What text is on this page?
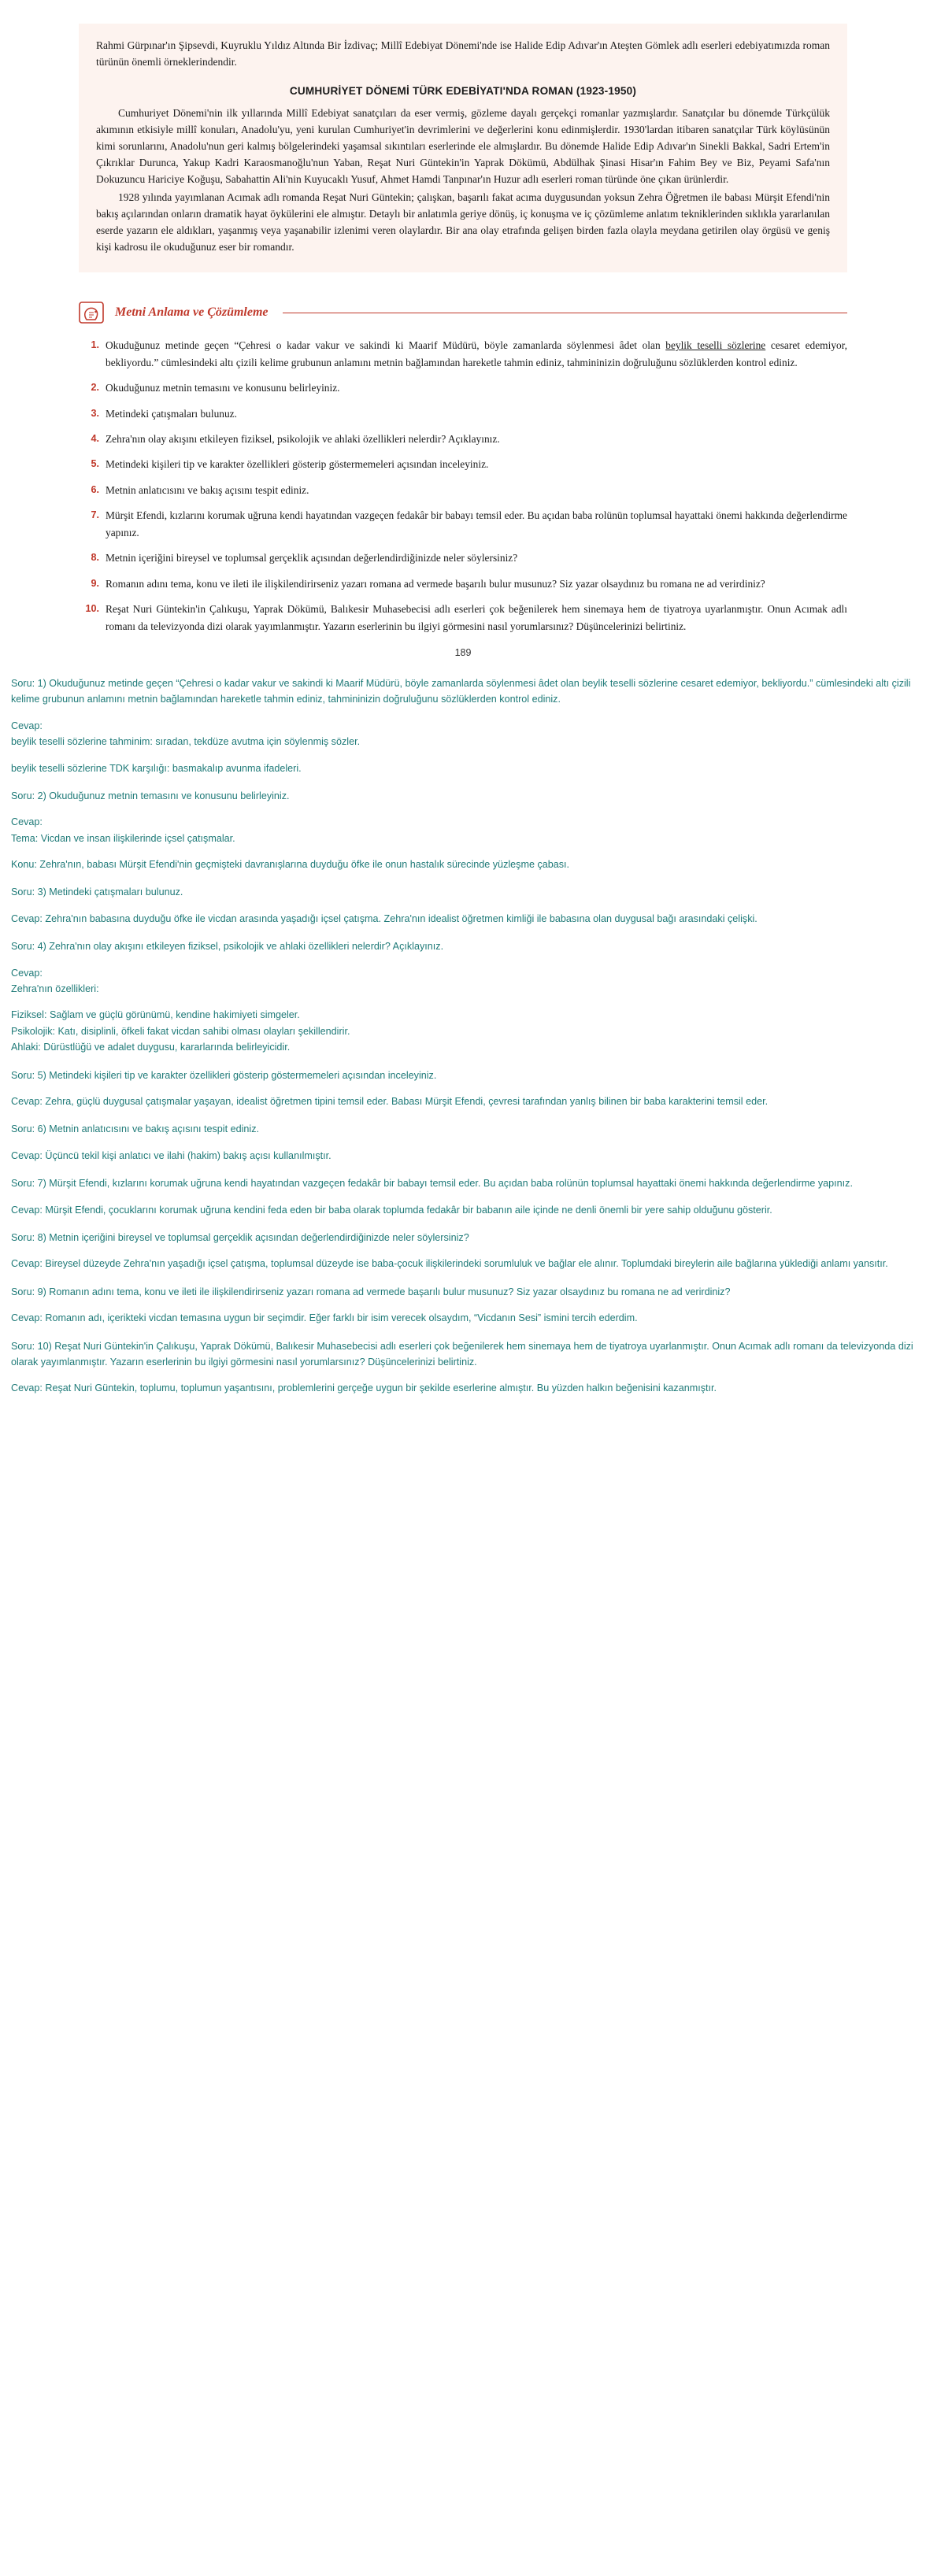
Rahmi Gürpınar'ın Şipsevdi, Kuyruklu Yıldız Altında Bir İzdivaç; Millî Edebiyat Dönemi'nde ise Halide Edip Adıvar'ın Ateşten Gömlek adlı eserleri edebiyatımızda roman türünün önemli örneklerindendir.

CUMHURİYET DÖNEMİ TÜRK EDEBİYATI'NDA ROMAN (1923-1950)

Cumhuriyet Dönemi'nin ilk yıllarında Millî Edebiyat sanatçıları da eser vermiş, gözleme dayalı gerçekçi romanlar yazmışlardır. Sanatçılar bu dönemde Türkçülük akımının etkisiyle millî konuları, Anadolu'yu, yeni kurulan Cumhuriyet'in devrimlerini ve değerlerini konu edinmişlerdir. 1930'lardan itibaren sanatçılar Türk köylüsünün kimi sorunlarını, Anadolu'nun geri kalmış bölgelerindeki yaşamsal sıkıntıları eserlerinde ele almışlardır. Bu dönemde Halide Edip Adıvar'ın Sinekli Bakkal, Sadri Ertem'in Çıkrıklar Durunca, Yakup Kadri Karaosmanoğlu'nun Yaban, Reşat Nuri Güntekin'in Yaprak Dökümü, Abdülhak Şinasi Hisar'ın Fahim Bey ve Biz, Peyami Safa'nın Dokuzuncu Hariciye Koğuşu, Sabahattin Ali'nin Kuyucaklı Yusuf, Ahmet Hamdi Tanpınar'ın Huzur adlı eserleri roman türünde öne çıkan ürünlerdir.

1928 yılında yayımlanan Acımak adlı romanda Reşat Nuri Güntekin; çalışkan, başarılı fakat acıma duygusundan yoksun Zehra Öğretmen ile babası Mürşit Efendi'nin bakış açılarından onların dramatik hayat öykülerini ele almıştır. Detaylı bir anlatımla geriye dönüş, iç konuşma ve iç çözümleme anlatım tekniklerinden sıklıkla yararlanılan eserde yazarın ele aldıkları, yaşanmış veya yaşanabilir izlenimi veren olaylardır. Bir ana olay etrafında gelişen birden fazla olayla meydana getirilen olay örgüsü ve geniş kişi kadrosu ile okuduğunuz eser bir romandır.

Metni Anlama ve Çözümleme
1. Okuduğunuz metinde geçen “Çehresi o kadar vakur ve sakindi ki Maarif Müdürü, böyle zamanlarda söylenmesi âdet olan beylik teselli sözlerine cesaret edemiyor, bekliyordu.” cümlesindeki altı çizili kelime grubunun anlamını metnin bağlamından hareketle tahmin ediniz, tahmininizin doğruluğunu sözlüklerden kontrol ediniz.
2. Okuduğunuz metnin temasını ve konusunu belirleyiniz.
3. Metindeki çatışmaları bulunuz.
4. Zehra'nın olay akışını etkileyen fiziksel, psikolojik ve ahlaki özellikleri nelerdir? Açıklayınız.
5. Metindeki kişileri tip ve karakter özellikleri gösterip göstermemeleri açısından inceleyiniz.
6. Metnin anlatıcısını ve bakış açısını tespit ediniz.
7. Mürşit Efendi, kızlarını korumak uğruna kendi hayatından vazgeçen fedakâr bir babayı temsil eder. Bu açıdan baba rolünün toplumsal hayattaki önemi hakkında değerlendirme yapınız.
8. Metnin içeriğini bireysel ve toplumsal gerçeklik açısından değerlendirdiğinizde neler söylersiniz?
9. Romanın adını tema, konu ve ileti ile ilişkilendirirseniz yazarı romana ad vermede başarılı bulur musunuz? Siz yazar olsaydınız bu romana ne ad verirdiniz?
10. Reşat Nuri Güntekin'in Çalıkuşu, Yaprak Dökümü, Balıkesir Muhasebecisi adlı eserleri çok beğenilerek hem sinemaya hem de tiyatroya uyarlanmıştır. Onun Acımak adlı romanı da televizyonda dizi olarak yayımlanmıştır. Yazarın eserlerinin bu ilgiyi görmesini nasıl yorumlarsınız? Düşüncelerinizi belirtiniz.
189

Soru: 1) Okuduğunuz metinde geçen “Çehresi o kadar vakur ve sakindi ki Maarif Müdürü, böyle zamanlarda söylenmesi âdet olan beylik teselli sözlerine cesaret edemiyor, bekliyordu.” cümlesindeki altı çizili kelime grubunun anlamını metnin bağlamından hareketle tahmin ediniz, tahmininizin doğruluğunu sözlüklerden kontrol ediniz.

Cevap:

beylik teselli sözlerine tahminim: sıradan, tekdüze avutma için söylenmiş sözler.

beylik teselli sözlerine TDK karşılığı: basmakalıp avunma ifadeleri.

Soru: 2) Okuduğunuz metnin temasını ve konusunu belirleyiniz.

Cevap:

Tema: Vicdan ve insan ilişkilerinde içsel çatışmalar.

Konu: Zehra'nın, babası Mürşit Efendi'nin geçmişteki davranışlarına duyduğu öfke ile onun hastalık sürecinde yüzleşme çabası.

Soru: 3) Metindeki çatışmaları bulunuz.

Cevap: Zehra'nın babasına duyduğu öfke ile vicdan arasında yaşadığı içsel çatışma. Zehra'nın idealist öğretmen kimliği ile babasına olan duygusal bağı arasındaki çelişki.

Soru: 4) Zehra'nın olay akışını etkileyen fiziksel, psikolojik ve ahlaki özellikleri nelerdir? Açıklayınız.

Cevap:

Zehra'nın özellikleri:

Fiziksel: Sağlam ve güçlü görünümü, kendine hakimiyeti simgeler.

Psikolojik: Katı, disiplinli, öfkeli fakat vicdan sahibi olması olayları şekillendirir.

Ahlaki: Dürüstlüğü ve adalet duygusu, kararlarında belirleyicidir.

Soru: 5) Metindeki kişileri tip ve karakter özellikleri gösterip göstermemeleri açısından inceleyiniz.

Cevap: Zehra, güçlü duygusal çatışmalar yaşayan, idealist öğretmen tipini temsil eder. Babası Mürşit Efendi, çevresi tarafından yanlış bilinen bir baba karakterini temsil eder.

Soru: 6) Metnin anlatıcısını ve bakış açısını tespit ediniz.

Cevap: Üçüncü tekil kişi anlatıcı ve ilahi (hakim) bakış açısı kullanılmıştır.

Soru: 7) Mürşit Efendi, kızlarını korumak uğruna kendi hayatından vazgeçen fedakâr bir babayı temsil eder. Bu açıdan baba rolünün toplumsal hayattaki önemi hakkında değerlendirme yapınız.

Cevap: Mürşit Efendi, çocuklarını korumak uğruna kendini feda eden bir baba olarak toplumda fedakâr bir babanın aile içinde ne denli önemli bir yere sahip olduğunu gösterir.

Soru: 8) Metnin içeriğini bireysel ve toplumsal gerçeklik açısından değerlendirdiğinizde neler söylersiniz?

Cevap: Bireysel düzeyde Zehra'nın yaşadığı içsel çatışma, toplumsal düzeyde ise baba-çocuk ilişkilerindeki sorumluluk ve bağlar ele alınır. Toplumdaki bireylerin aile bağlarına yüklediği anlamı yansıtır.

Soru: 9) Romanın adını tema, konu ve ileti ile ilişkilendirirseniz yazarı romana ad vermede başarılı bulur musunuz? Siz yazar olsaydınız bu romana ne ad verirdiniz?

Cevap: Romanın adı, içerikteki vicdan temasına uygun bir seçimdir. Eğer farklı bir isim verecek olsaydım, “Vicdanın Sesi” ismini tercih ederdim.

Soru: 10) Reşat Nuri Güntekin'in Çalıkuşu, Yaprak Dökümü, Balıkesir Muhasebecisi adlı eserleri çok beğenilerek hem sinemaya hem de tiyatroya uyarlanmıştır. Onun Acımak adlı romanı da televizyonda dizi olarak yayımlanmıştır. Yazarın eserlerinin bu ilgiyi görmesini nasıl yorumlarsınız? Düşüncelerinizi belirtiniz.

Cevap: Reşat Nuri Güntekin, toplumu, toplumun yaşantısını, problemlerini gerçeğe uygun bir şekilde eserlerine almıştır. Bu yüzden halkın beğenisini kazanmıştır.
